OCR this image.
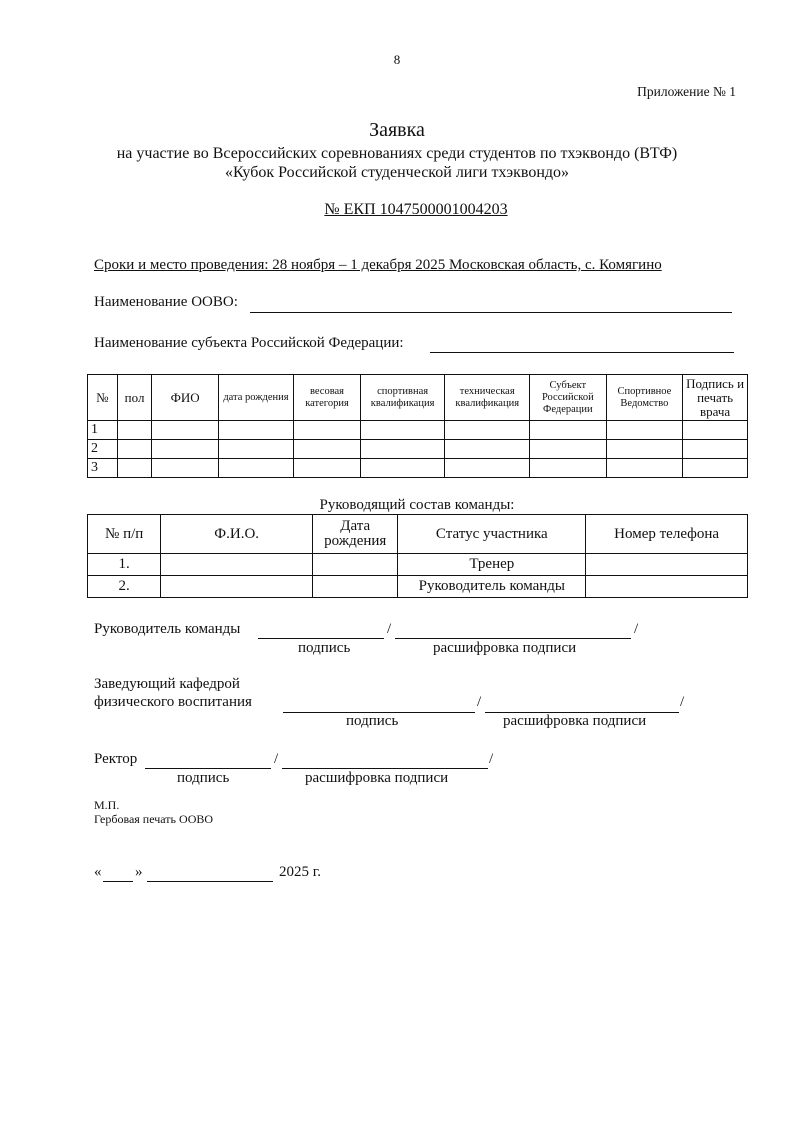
8
Приложение № 1
Заявка
на участие во Всероссийских соревнованиях среди студентов по тхэквондо (ВТФ)
«Кубок Российской студенческой лиги тхэквондо»
№ ЕКП 1047500001004203
Сроки и место проведения: 28 ноября – 1 декабря 2025 Московская область, с. Комягино
Наименование ООВО:
Наименование субъекта Российской Федерации:
№	пол	ФИО	дата рождения	весовая категория	спортивная квалификация	техническая квалификация	Субъект Российской Федерации	Спортивное Ведомство	Подпись и печать врача
1									
2									
3									
Руководящий состав команды:
№ п/п	Ф.И.О.	Дата рождения	Статус участника	Номер телефона
1.			Тренер	
2.			Руководитель команды	
Руководитель команды	/	/
подпись	расшифровка подписи
Заведующий кафедрой
физического воспитания	/	/
подпись	расшифровка подписи
Ректор	/	/
подпись	расшифровка подписи
М.П.
Гербовая печать ООВО
« »	2025 г.
